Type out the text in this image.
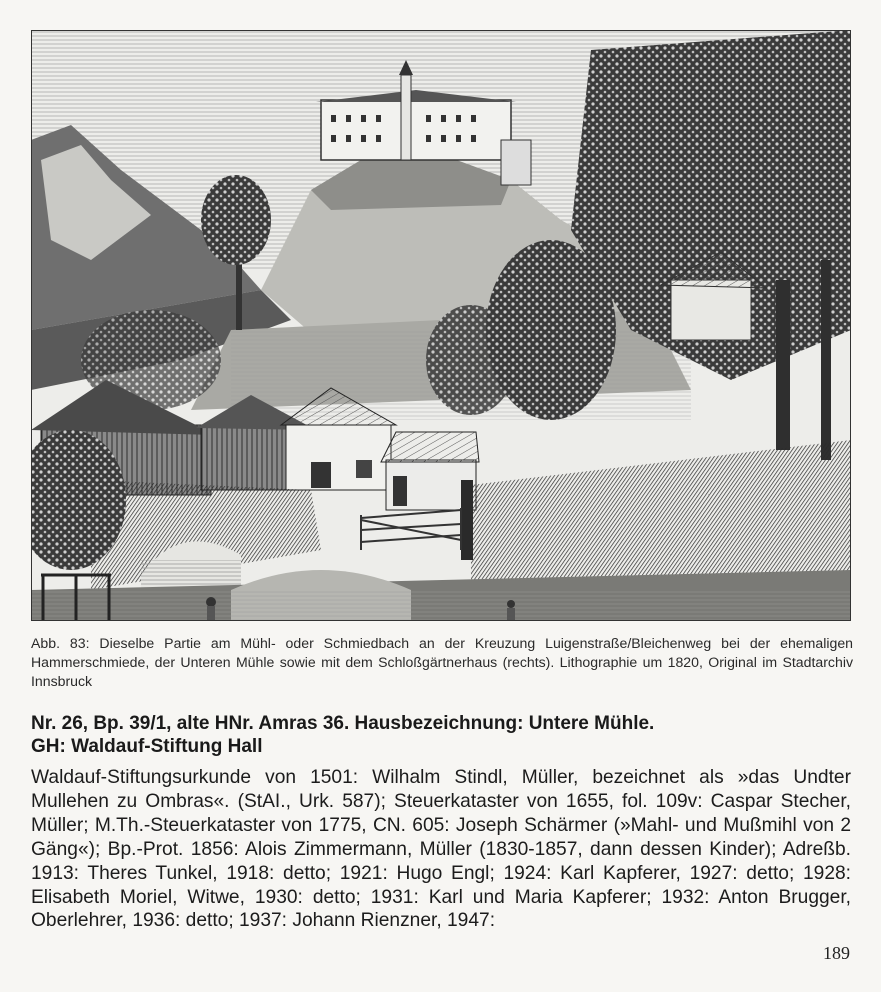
Abb. 83: Dieselbe Partie am Mühl- oder Schmiedbach an der Kreuzung Luigenstraße/Bleichenweg bei der ehemaligen Hammerschmiede, der Unteren Mühle sowie mit dem Schloßgärtnerhaus (rechts). Lithographie um 1820, Original im Stadtarchiv Innsbruck
Nr. 26, Bp. 39/1, alte HNr. Amras 36. Hausbezeichnung: Untere Mühle.
GH: Waldauf-Stiftung Hall
Waldauf-Stiftungsurkunde von 1501: Wilhalm Stindl, Müller, bezeichnet als »das Undter Mullehen zu Ombras«. (StAI., Urk. 587); Steuerkataster von 1655, fol. 109v: Caspar Stecher, Müller; M.Th.-Steuerkataster von 1775, CN. 605: Joseph Schärmer (»Mahl- und Mußmihl von 2 Gäng«); Bp.-Prot. 1856: Alois Zimmermann, Müller (1830-1857, dann dessen Kinder); Adreßb. 1913: Theres Tunkel, 1918: detto; 1921: Hugo Engl; 1924: Karl Kapferer, 1927: detto; 1928: Elisabeth Moriel, Witwe, 1930: detto; 1931: Karl und Maria Kapferer; 1932: Anton Brugger, Oberlehrer, 1936: detto; 1937: Johann Rienzner, 1947:
189
